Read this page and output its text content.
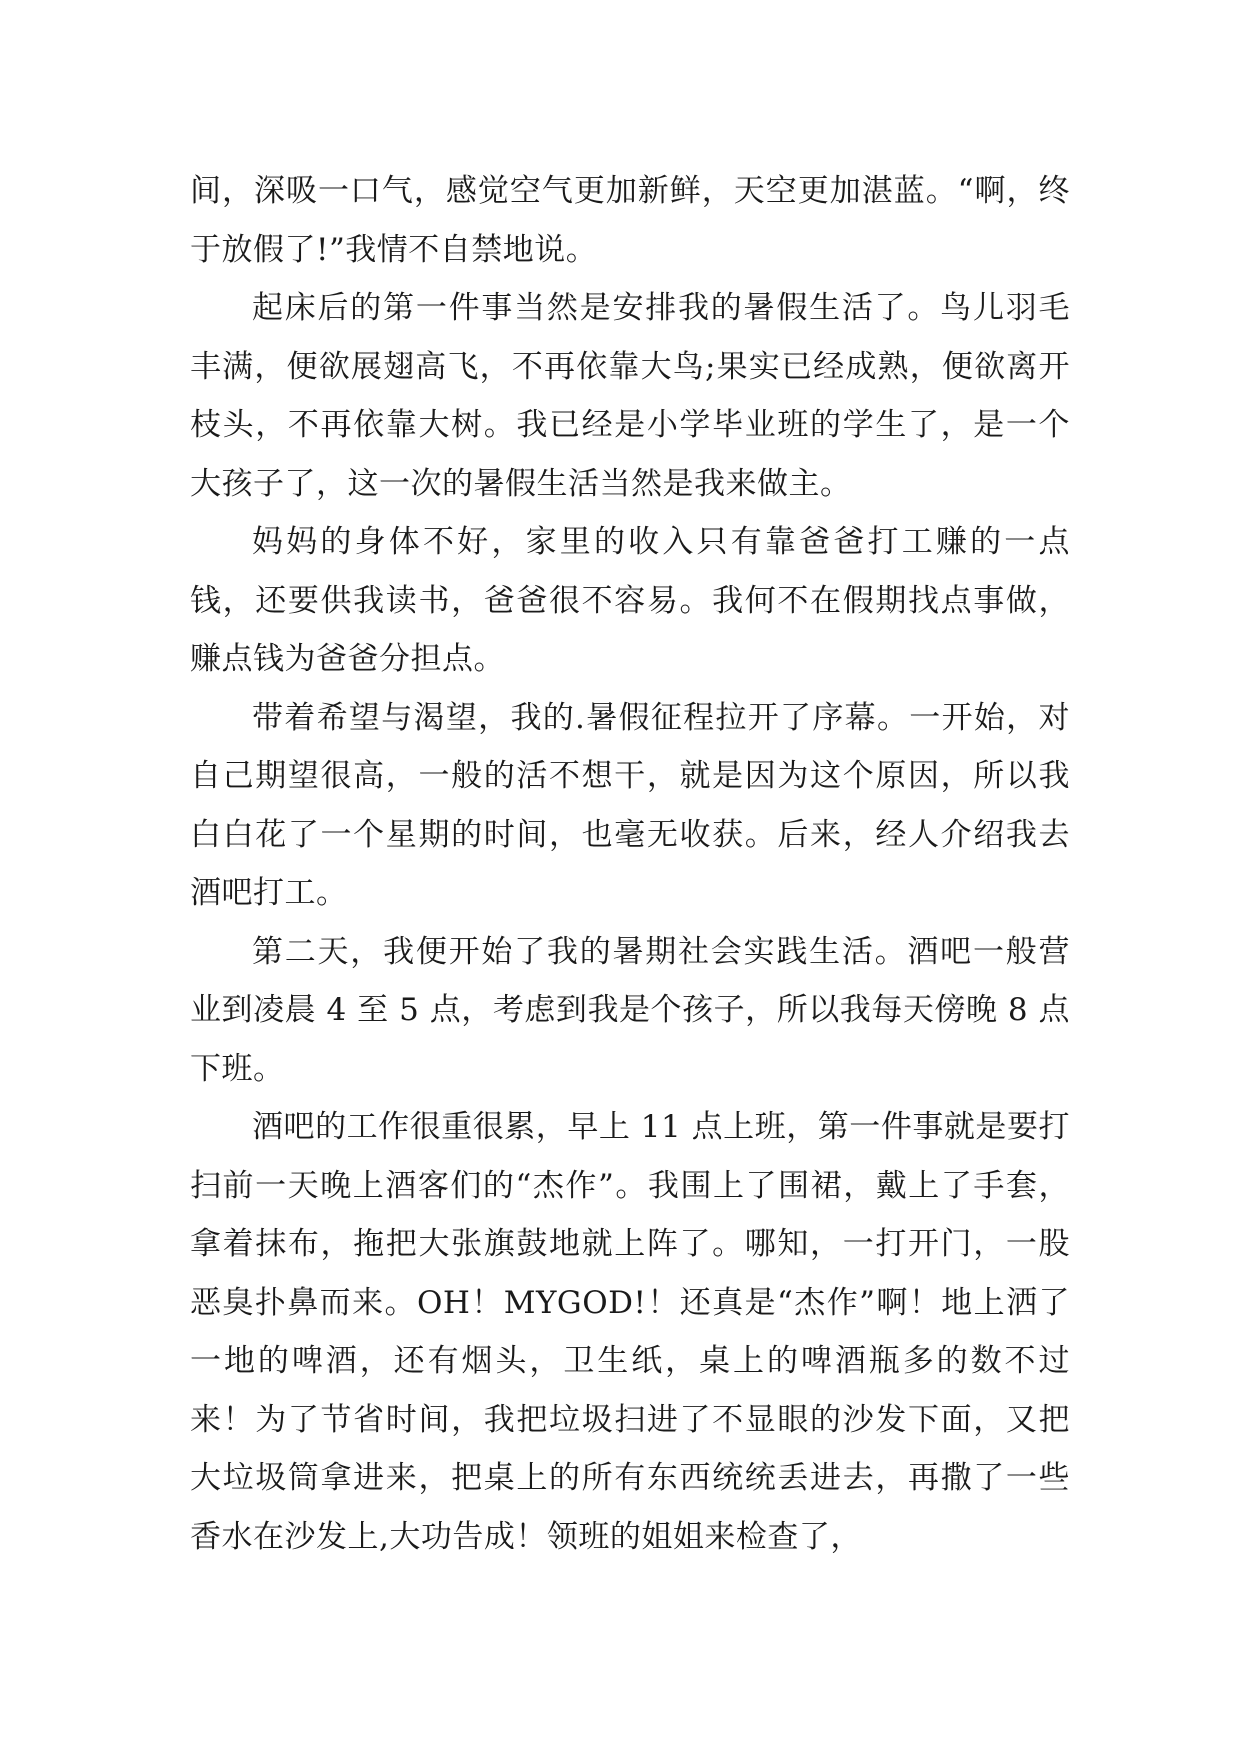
间，深吸一口气，感觉空气更加新鲜，天空更加湛蓝。“啊，终于放假了!”我情不自禁地说。

起床后的第一件事当然是安排我的暑假生活了。鸟儿羽毛丰满，便欲展翅高飞，不再依靠大鸟;果实已经成熟，便欲离开枝头，不再依靠大树。我已经是小学毕业班的学生了，是一个大孩子了，这一次的暑假生活当然是我来做主。

妈妈的身体不好，家里的收入只有靠爸爸打工赚的一点钱，还要供我读书，爸爸很不容易。我何不在假期找点事做，赚点钱为爸爸分担点。

带着希望与渴望，我的.暑假征程拉开了序幕。一开始，对自己期望很高，一般的活不想干，就是因为这个原因，所以我白白花了一个星期的时间，也毫无收获。后来，经人介绍我去酒吧打工。

第二天，我便开始了我的暑期社会实践生活。酒吧一般营业到凌晨 4 至 5 点，考虑到我是个孩子，所以我每天傍晚 8 点下班。

酒吧的工作很重很累，早上 11 点上班，第一件事就是要打扫前一天晚上酒客们的“杰作”。我围上了围裙，戴上了手套，拿着抹布，拖把大张旗鼓地就上阵了。哪知，一打开门，一股恶臭扑鼻而来。OH！MYGOD!！还真是“杰作”啊！地上洒了一地的啤酒，还有烟头，卫生纸，桌上的啤酒瓶多的数不过来！为了节省时间，我把垃圾扫进了不显眼的沙发下面，又把大垃圾筒拿进来，把桌上的所有东西统统丢进去，再撒了一些香水在沙发上,大功告成！领班的姐姐来检查了，
